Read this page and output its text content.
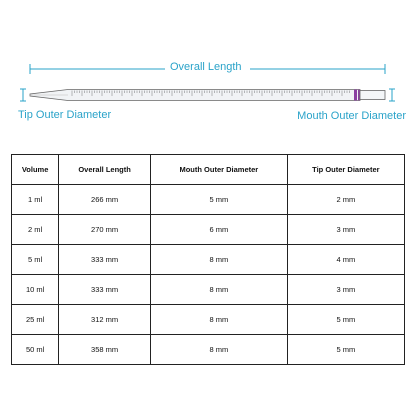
Overall Length
Tip Outer Diameter	Mouth Outer Diameter
Volume	Overall Length	Mouth Outer Diameter	Tip Outer Diameter
1 ml	266 mm	5 mm	2 mm
2 ml	270 mm	6 mm	3 mm
5 ml	333 mm	8 mm	4 mm
10 ml	333 mm	8 mm	3 mm
25 ml	312 mm	8 mm	5 mm
50 ml	358 mm	8 mm	5 mm
